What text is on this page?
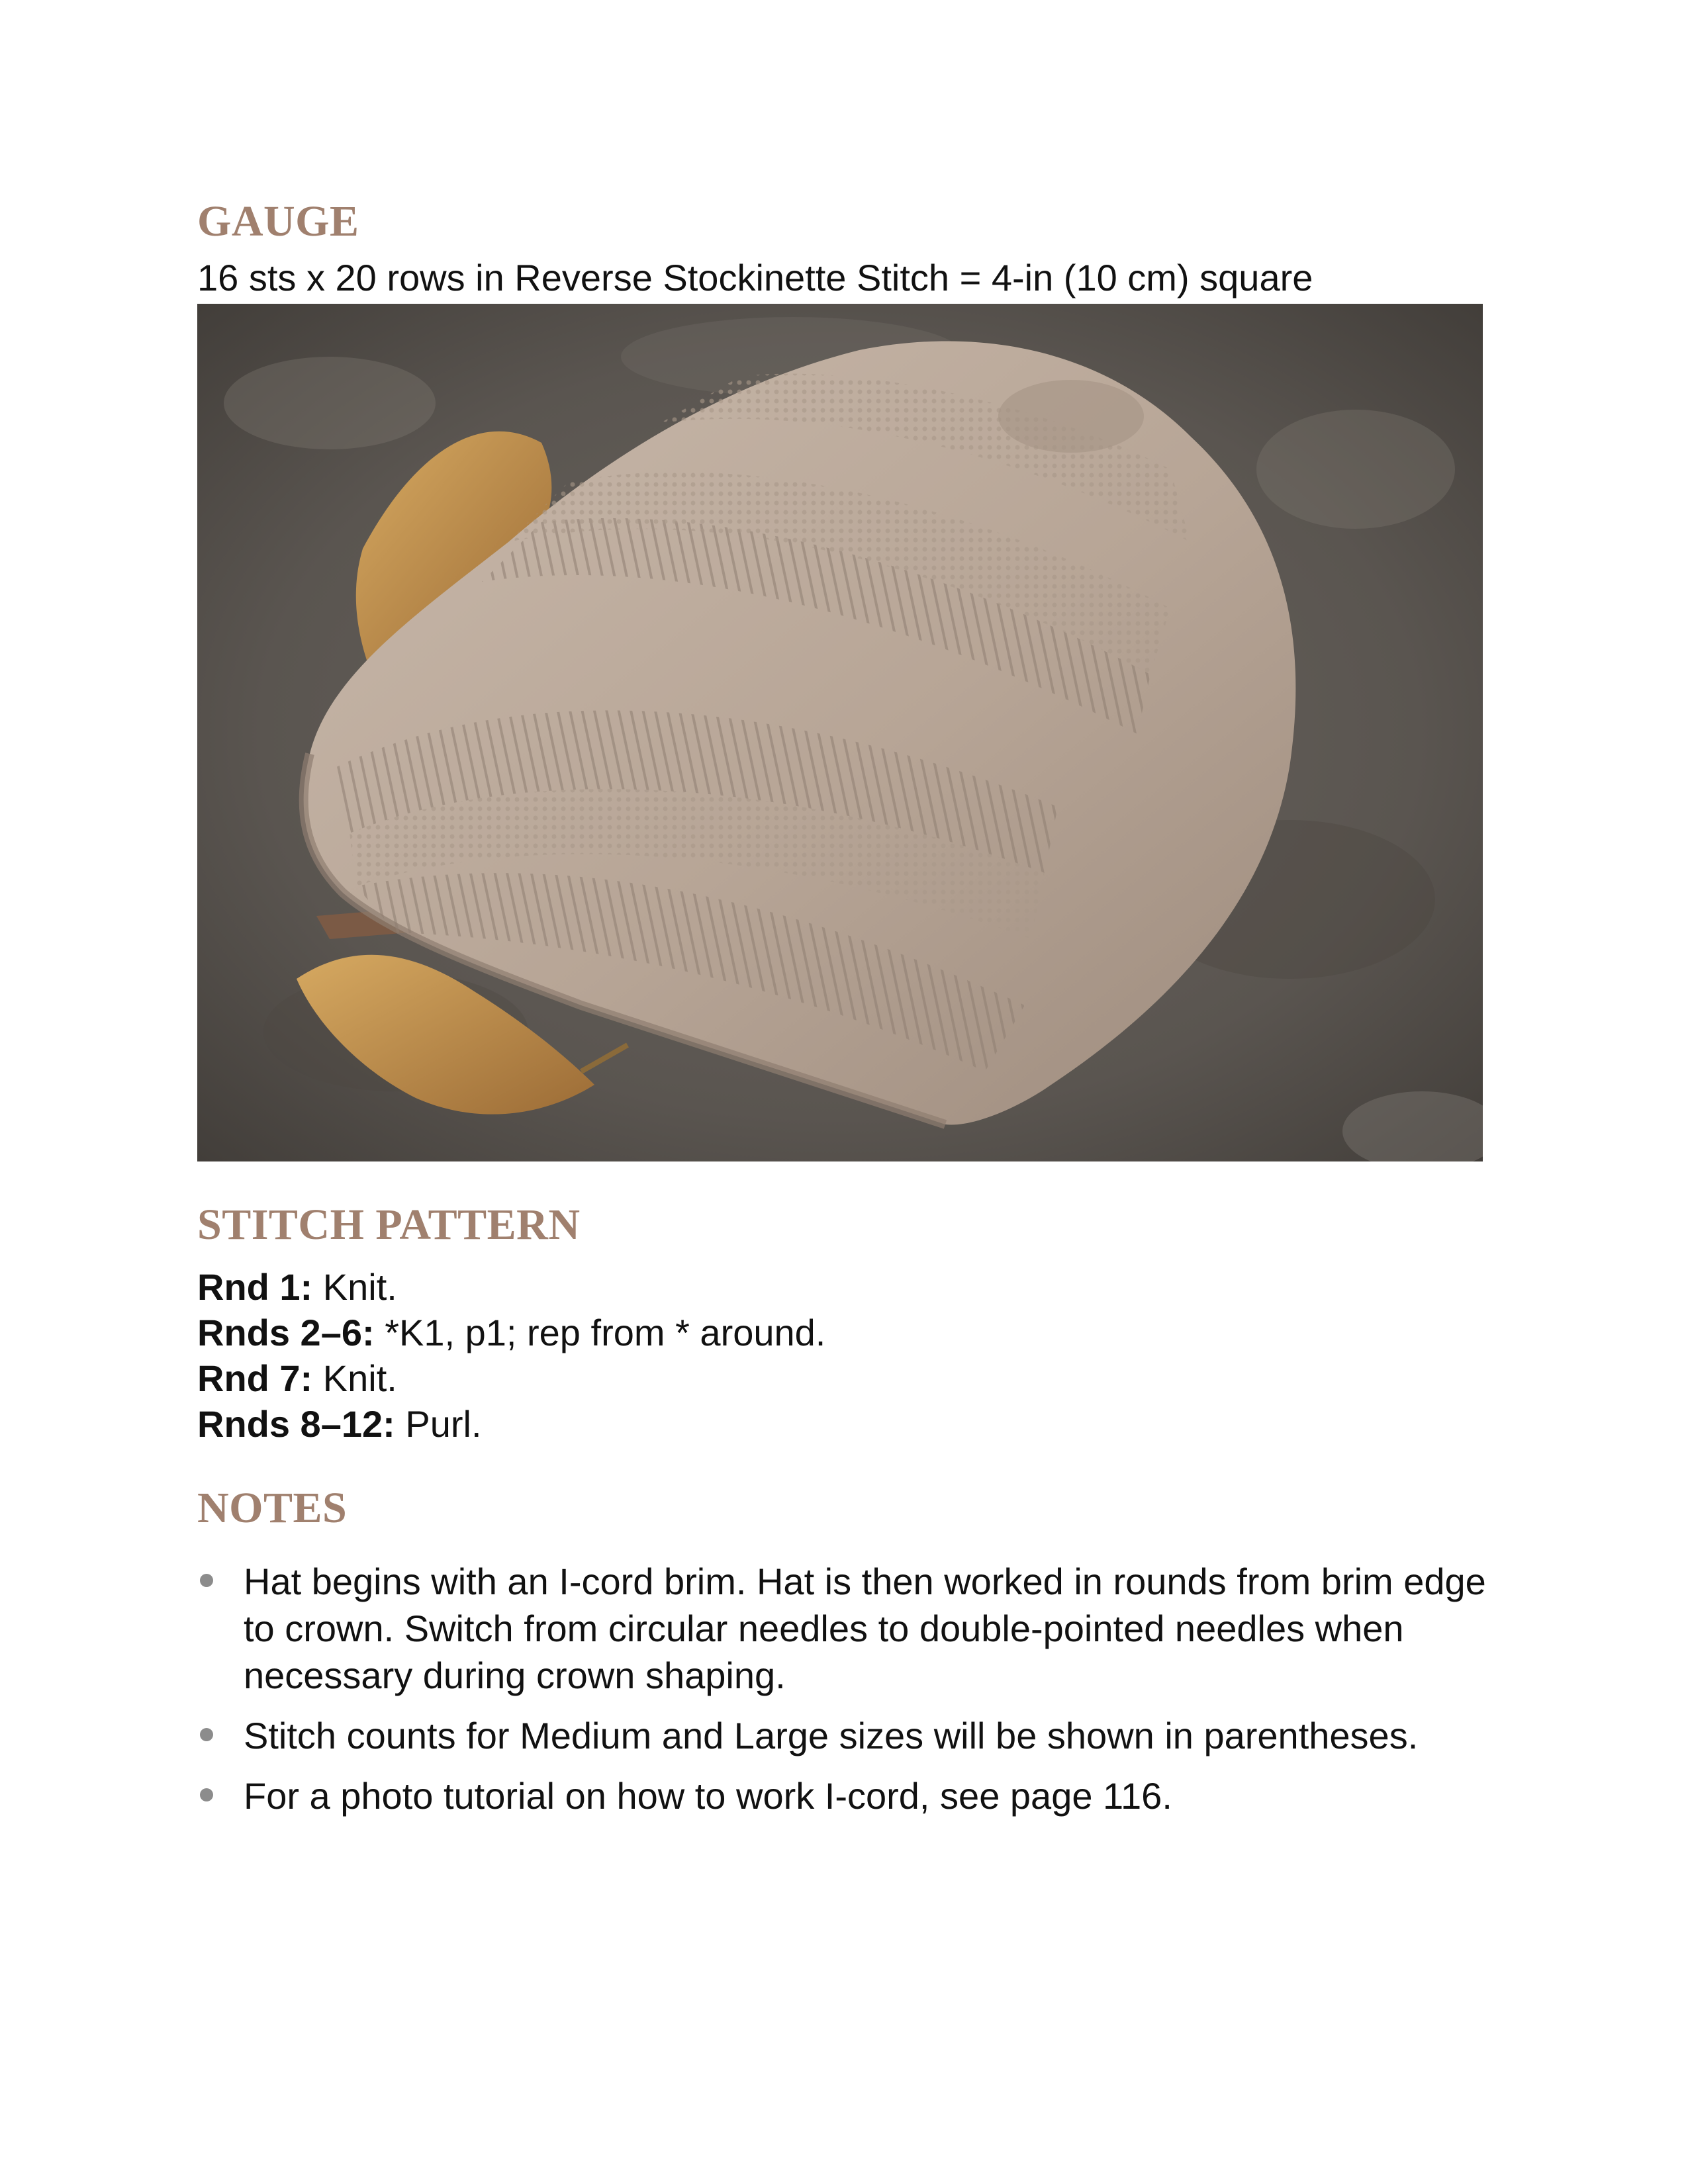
GAUGE

16 sts x 20 rows in Reverse Stockinette Stitch = 4-in (10 cm) square

STITCH PATTERN
Rnd 1: Knit.
Rnds 2–6: *K1, p1; rep from * around.
Rnd 7: Knit.
Rnds 8–12: Purl.
NOTES
Hat begins with an I-cord brim. Hat is then worked in rounds from brim edge to crown. Switch from circular needles to double-pointed needles when necessary during crown shaping.
Stitch counts for Medium and Large sizes will be shown in parentheses.
For a photo tutorial on how to work I-cord, see page 116.
